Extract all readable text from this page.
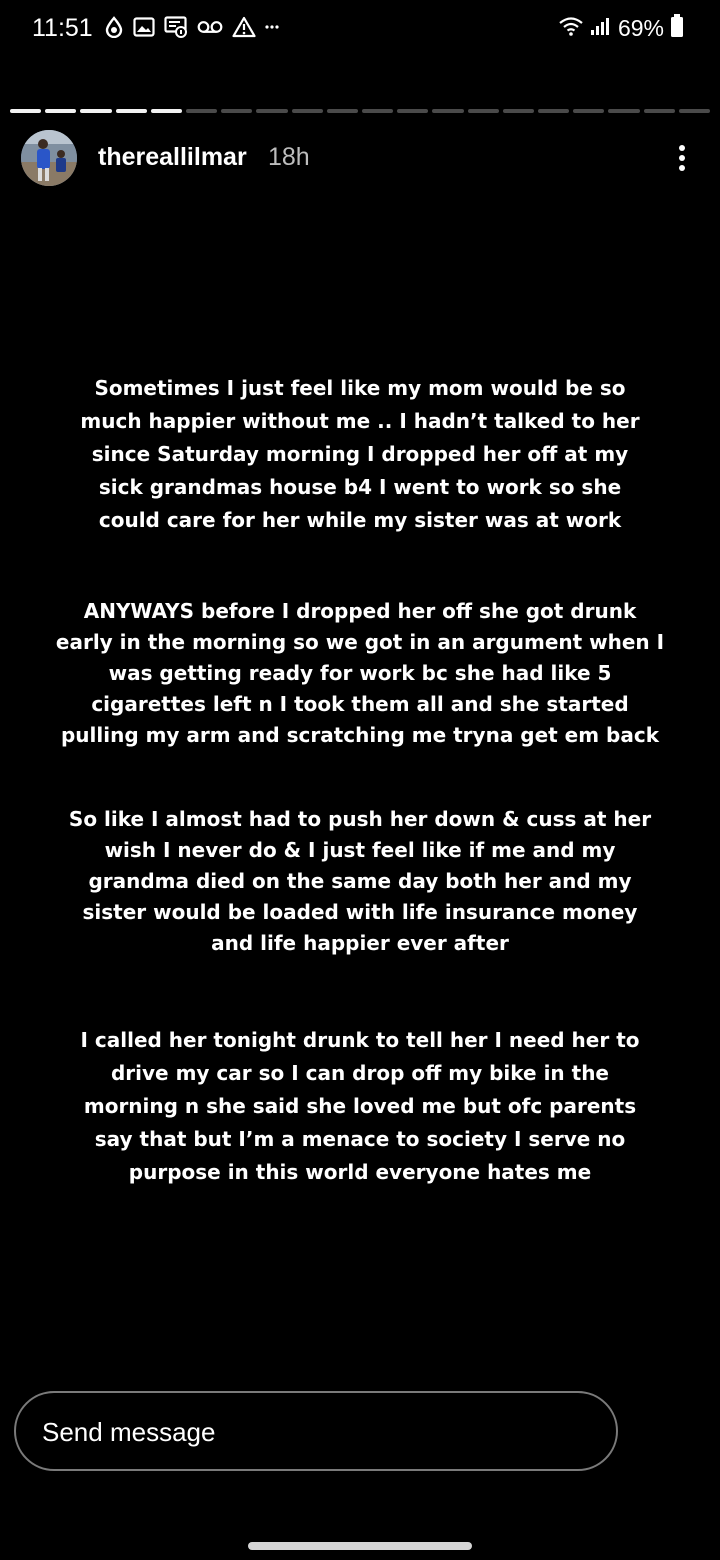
11:51	69%
thereallilmar 18h

Sometimes I just feel like my mom would be so
much happier without me .. I hadn’t talked to her
since Saturday morning I dropped her off at my
sick grandmas house b4 I went to work so she
could care for her while my sister was at work

ANYWAYS before I dropped her off she got drunk
early in the morning so we got in an argument when I
was getting ready for work bc she had like 5
cigarettes left n I took them all and she started
pulling my arm and scratching me tryna get em back

So like I almost had to push her down & cuss at her
wish I never do & I just feel like if me and my
grandma died on the same day both her and my
sister would be loaded with life insurance money
and life happier ever after

I called her tonight drunk to tell her I need her to
drive my car so I can drop off my bike in the
morning n she said she loved me but ofc parents
say that but I’m a menace to society I serve no
purpose in this world everyone hates me

Send message
